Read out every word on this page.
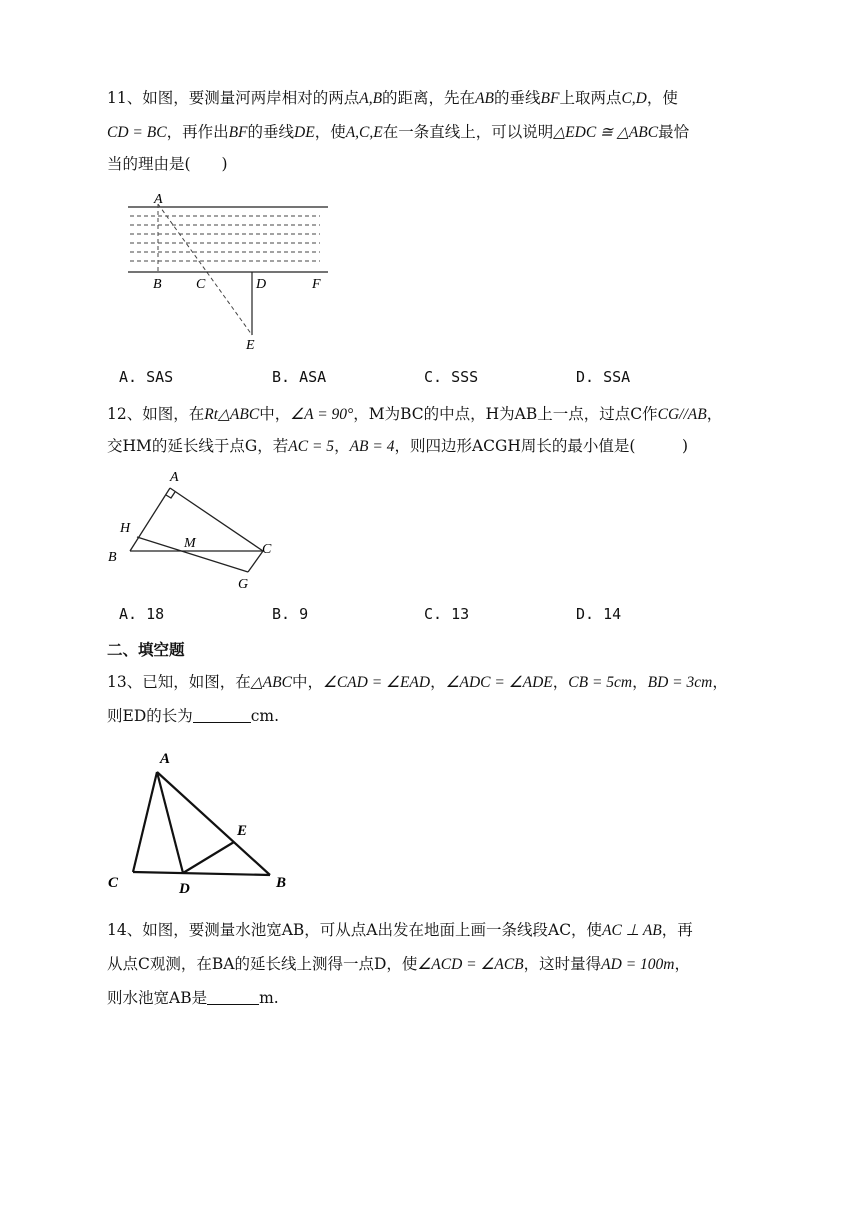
11、如图，要测量河两岸相对的两点A,B的距离，先在AB的垂线BF上取两点C,D，使

CD = BC，再作出BF的垂线DE，使A,C,E在一条直线上，可以说明△EDC ≅ △ABC最恰

当的理由是(　　)

A
B C	D	F
E
A. SAS	B. ASA	C. SSS	D. SSA

12、如图，在Rt△ABC中，∠A = 90°，M为BC的中点，H为AB上一点，过点C作CG//AB，

交HM的延长线于点G，若AC = 5，AB = 4，则四边形ACGH周长的最小值是(　　　)

A
H
B
M	C
G
A. 18	B. 9	C. 13	D. 14
二、填空题

13、已知，如图，在△ABC中，∠CAD = ∠EAD，∠ADC = ∠ADE，CB = 5cm，BD = 3cm，

则ED的长为	cm.

A
E
C	D	B

14、如图，要测量水池宽AB，可从点A出发在地面上画一条线段AC，使AC ⊥ AB，再

从点C观测，在BA的延长线上测得一点D，使∠ACD = ∠ACB，这时量得AD = 100m，

则水池宽AB是	m.
